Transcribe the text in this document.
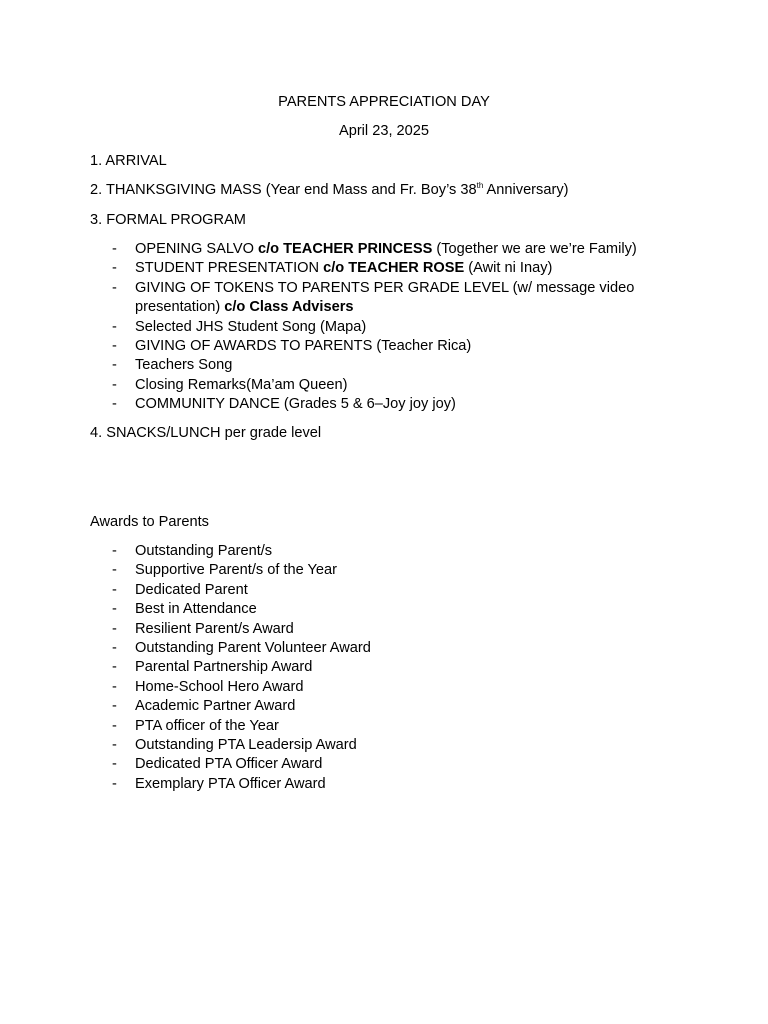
PARENTS APPRECIATION DAY
April 23, 2025
1. ARRIVAL
2. THANKSGIVING MASS (Year end Mass and Fr. Boy’s 38th Anniversary)
3. FORMAL PROGRAM
- OPENING SALVO c/o TEACHER PRINCESS (Together we are we’re Family)
- STUDENT PRESENTATION c/o TEACHER ROSE (Awit ni Inay)
- GIVING OF TOKENS TO PARENTS PER GRADE LEVEL (w/ message video presentation) c/o Class Advisers
- Selected JHS Student Song (Mapa)
- GIVING OF AWARDS TO PARENTS (Teacher Rica)
- Teachers Song
- Closing Remarks(Ma’am Queen)
- COMMUNITY DANCE (Grades 5 & 6–Joy joy joy)
4. SNACKS/LUNCH per grade level
Awards to Parents
- Outstanding Parent/s
- Supportive Parent/s of the Year
- Dedicated Parent
- Best in Attendance
- Resilient Parent/s Award
- Outstanding Parent Volunteer Award
- Parental Partnership Award
- Home-School Hero Award
- Academic Partner Award
- PTA officer of the Year
- Outstanding PTA Leadersip Award
- Dedicated PTA Officer Award
- Exemplary PTA Officer Award
